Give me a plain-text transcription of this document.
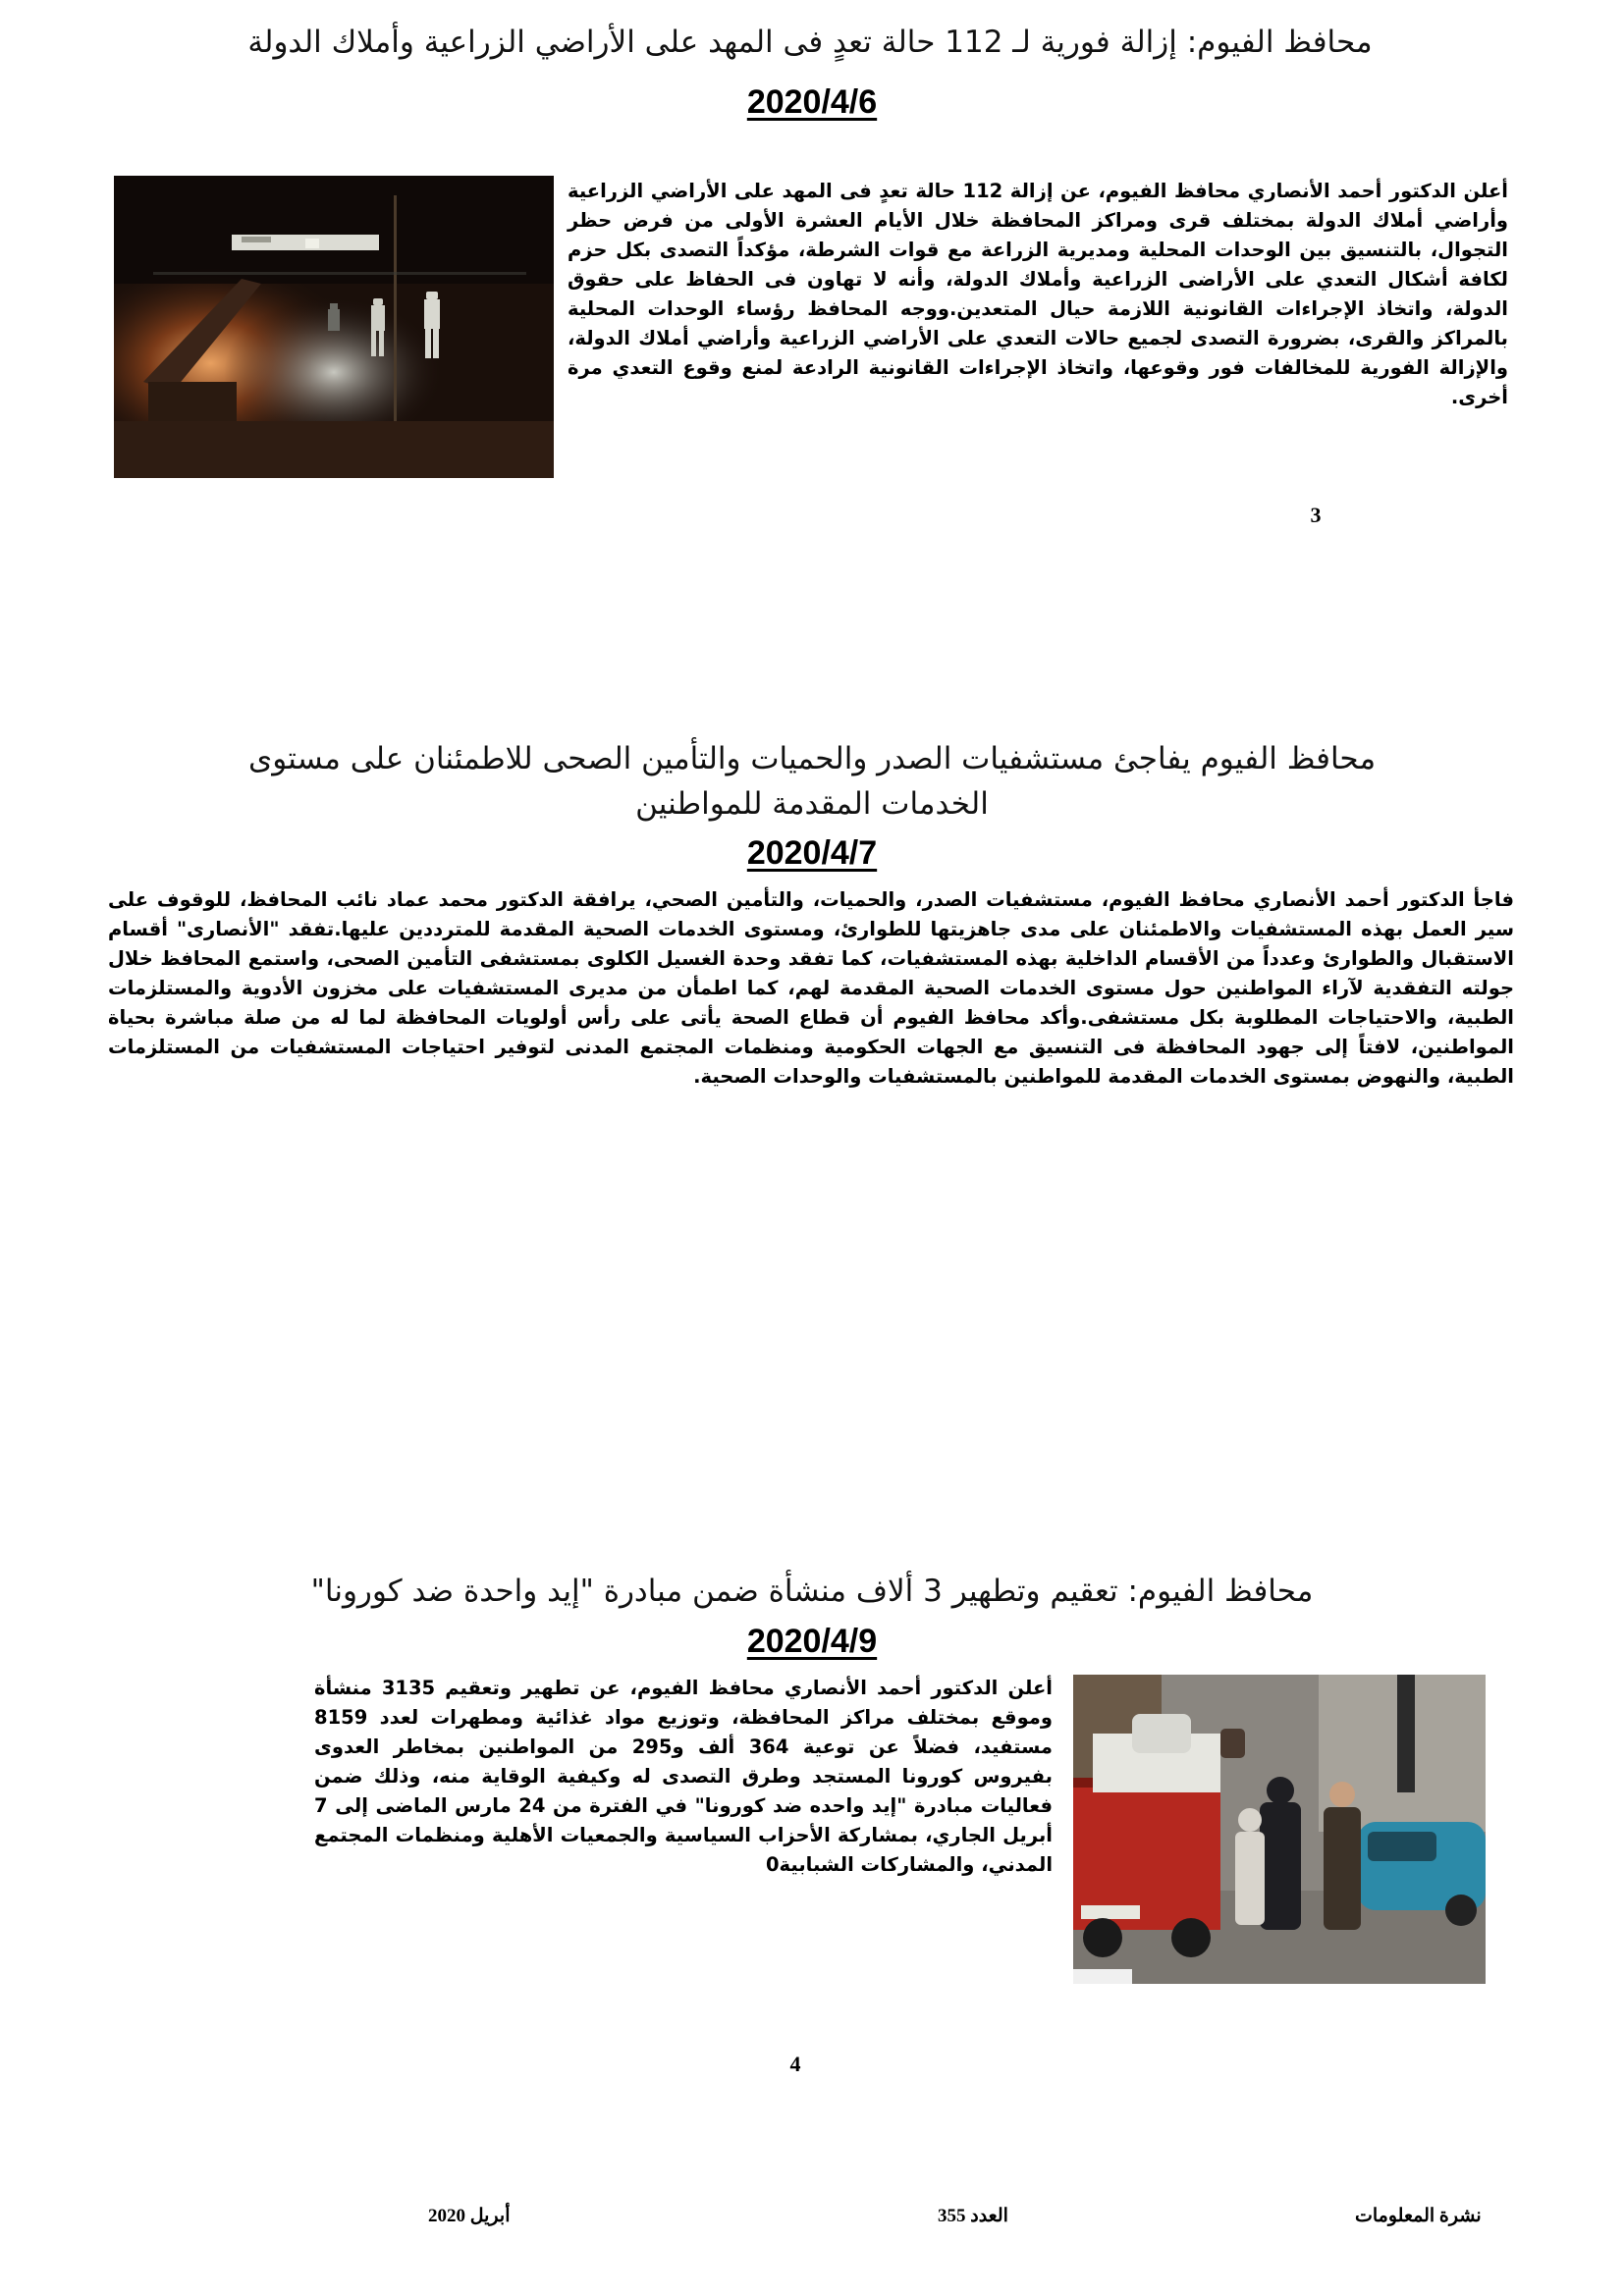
محافظ الفيوم: إزالة فورية لـ 112 حالة تعدٍ فى المهد على الأراضي الزراعية وأملاك الدولة

2020/4/6

أعلن الدكتور أحمد الأنصاري محافظ الفيوم، عن إزالة 112 حالة تعدٍ فى المهد على الأراضي الزراعية وأراضي أملاك الدولة بمختلف قرى ومراكز المحافظة خلال الأيام العشرة الأولى من فرض حظر التجوال، بالتنسيق بين الوحدات المحلية ومديرية الزراعة مع قوات الشرطة، مؤكداً التصدى بكل حزم لكافة أشكال التعدي على الأراضى الزراعية وأملاك الدولة، وأنه لا تهاون فى الحفاظ على حقوق الدولة، واتخاذ الإجراءات القانونية اللازمة حيال المتعدين.ووجه المحافظ رؤساء الوحدات المحلية بالمراكز والقرى، بضرورة التصدى لجميع حالات التعدي على الأراضي الزراعية وأراضي أملاك الدولة، والإزالة الفورية للمخالفات فور وقوعها، واتخاذ الإجراءات القانونية الرادعة لمنع وقوع التعدي مرة أخرى.

3

محافظ الفيوم يفاجئ مستشفيات الصدر والحميات والتأمين الصحى للاطمئنان على مستوى

الخدمات المقدمة للمواطنين

2020/4/7

فاجأ الدكتور أحمد الأنصاري محافظ الفيوم، مستشفيات الصدر، والحميات، والتأمين الصحي، يرافقة الدكتور محمد عماد نائب المحافظ، للوقوف على سير العمل بهذه المستشفيات والاطمئنان على مدى جاهزيتها للطوارئ، ومستوى الخدمات الصحية المقدمة للمترددين عليها.تفقد "الأنصارى" أقسام الاستقبال والطوارئ وعدداً من الأقسام الداخلية بهذه المستشفيات، كما تفقد وحدة الغسيل الكلوى بمستشفى التأمين الصحى، واستمع المحافظ خلال جولته التفقدية لآراء المواطنين حول مستوى الخدمات الصحية المقدمة لهم، كما اطمأن من مديرى المستشفيات على مخزون الأدوية والمستلزمات الطبية، والاحتياجات المطلوبة بكل مستشفى.وأكد محافظ الفيوم أن قطاع الصحة يأتى على رأس أولويات المحافظة لما له من صلة مباشرة بحياة المواطنين، لافتاً إلى جهود المحافظة فى التنسيق مع الجهات الحكومية ومنظمات المجتمع المدنى لتوفير احتياجات المستشفيات من المستلزمات الطبية، والنهوض بمستوى الخدمات المقدمة للمواطنين بالمستشفيات والوحدات الصحية.

محافظ الفيوم: تعقيم وتطهير 3 ألاف منشأة ضمن مبادرة "إيد واحدة ضد كورونا"

2020/4/9

أعلن الدكتور أحمد الأنصاري محافظ الفيوم، عن تطهير وتعقيم 3135 منشأة وموقع بمختلف مراكز المحافظة، وتوزيع مواد غذائية ومطهرات لعدد 8159 مستفيد، فضلاً عن توعية 364 ألف و295 من المواطنين بمخاطر العدوى بفيروس كورونا المستجد وطرق التصدى له وكيفية الوقاية منه، وذلك ضمن فعاليات مبادرة "إيد واحده ضد كورونا" في الفترة من 24 مارس الماضى إلى 7 أبريل الجاري، بمشاركة الأحزاب السياسية والجمعيات الأهلية ومنظمات المجتمع المدني، والمشاركات الشبابية0

4
نشرة المعلومات
العدد 355
أبريل 2020
